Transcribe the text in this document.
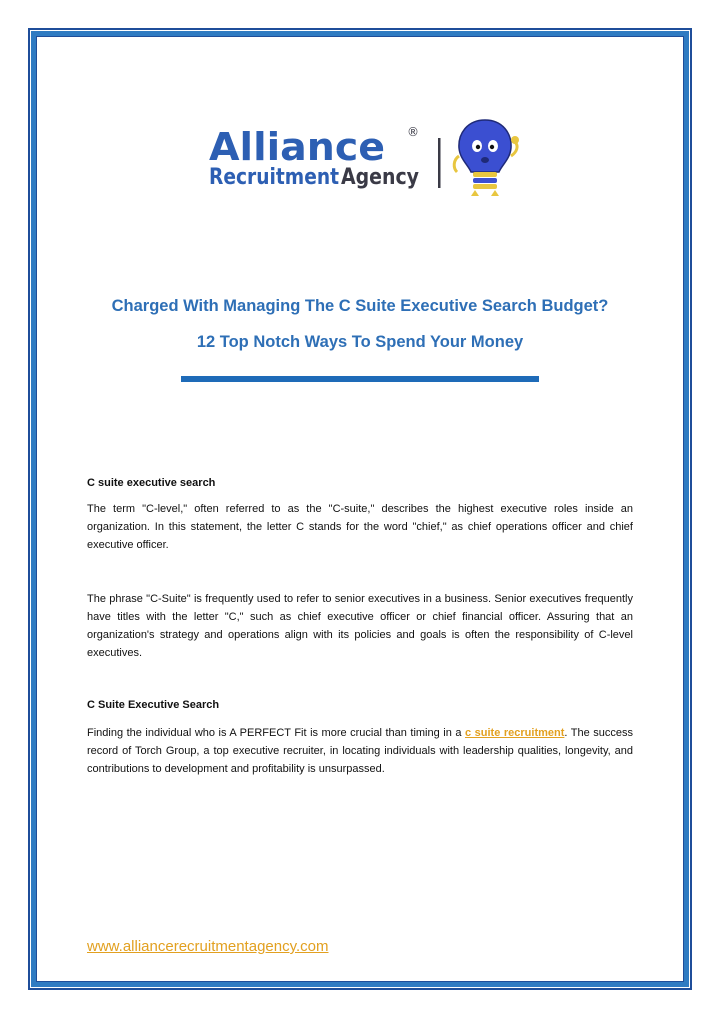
Alliance
Recruitment Agency
®
Charged With Managing The C Suite Executive Search Budget?
12 Top Notch Ways To Spend Your Money
C suite executive search

The term "C-level," often referred to as the "C-suite," describes the highest executive roles inside an organization. In this statement, the letter C stands for the word "chief," as chief operations officer and chief executive officer.

The phrase "C-Suite" is frequently used to refer to senior executives in a business. Senior executives frequently have titles with the letter "C," such as chief executive officer or chief financial officer. Assuring that an organization's strategy and operations align with its policies and goals is often the responsibility of C-level executives.

C Suite Executive Search

Finding the individual who is A PERFECT Fit is more crucial than timing in a c suite recruitment. The success record of Torch Group, a top executive recruiter, in locating individuals with leadership qualities, longevity, and contributions to development and profitability is unsurpassed.

www.alliancerecruitmentagency.com
